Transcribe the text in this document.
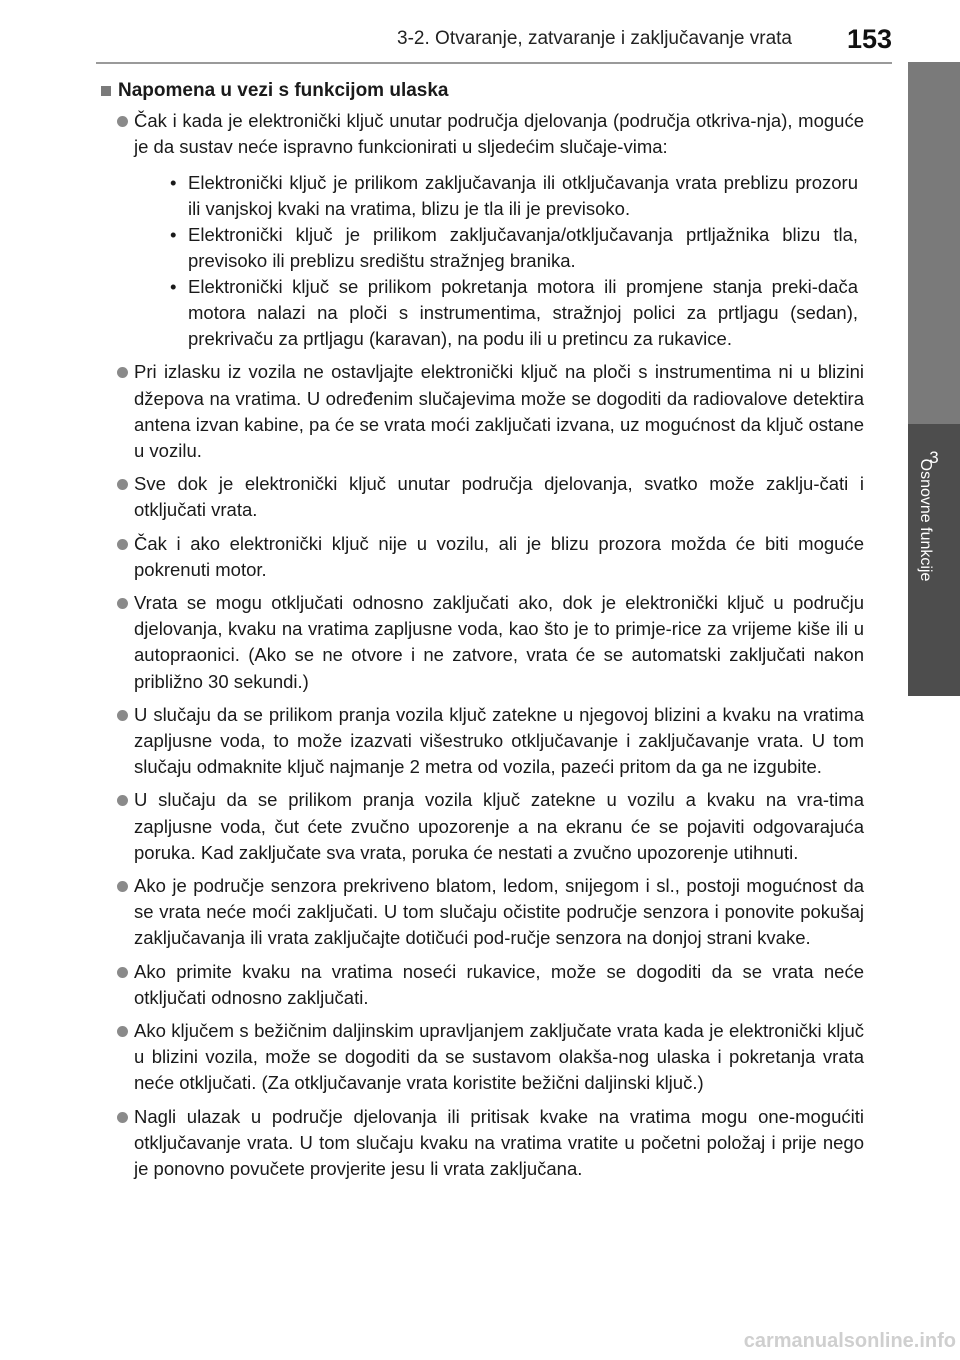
3-2. Otvaranje, zatvaranje i zaključavanje vrata	153
3
Osnovne funkcije
Napomena u vezi s funkcijom ulaska
Čak i kada je elektronički ključ unutar područja djelovanja (područja otkriva-nja), moguće je da sustav neće ispravno funkcionirati u sljedećim slučaje-vima:
• Elektronički ključ je prilikom zaključavanja ili otključavanja vrata preblizu prozoru ili vanjskoj kvaki na vratima, blizu je tla ili je previsoko.
• Elektronički ključ je prilikom zaključavanja/otključavanja prtljažnika blizu tla, previsoko ili preblizu središtu stražnjeg branika.
• Elektronički ključ se prilikom pokretanja motora ili promjene stanja preki-dača motora nalazi na ploči s instrumentima, stražnjoj polici za prtljagu (sedan), prekrivaču za prtljagu (karavan), na podu ili u pretincu za rukavice.
Pri izlasku iz vozila ne ostavljajte elektronički ključ na ploči s instrumentima ni u blizini džepova na vratima. U određenim slučajevima može se dogoditi da radiovalove detektira antena izvan kabine, pa će se vrata moći zaključati izvana, uz mogućnost da ključ ostane u vozilu.
Sve dok je elektronički ključ unutar područja djelovanja, svatko može zaklju-čati i otključati vrata.
Čak i ako elektronički ključ nije u vozilu, ali je blizu prozora možda će biti moguće pokrenuti motor.
Vrata se mogu otključati odnosno zaključati ako, dok je elektronički ključ u području djelovanja, kvaku na vratima zapljusne voda, kao što je to primje-rice za vrijeme kiše ili u autopraonici. (Ako se ne otvore i ne zatvore, vrata će se automatski zaključati nakon približno 30 sekundi.)
U slučaju da se prilikom pranja vozila ključ zatekne u njegovoj blizini a kvaku na vratima zapljusne voda, to može izazvati višestruko otključavanje i zaključavanje vrata. U tom slučaju odmaknite ključ najmanje 2 metra od vozila, pazeći pritom da ga ne izgubite.
U slučaju da se prilikom pranja vozila ključ zatekne u vozilu a kvaku na vra-tima zapljusne voda, čut ćete zvučno upozorenje a na ekranu će se pojaviti odgovarajuća poruka. Kad zaključate sva vrata, poruka će nestati a zvučno upozorenje utihnuti.
Ako je područje senzora prekriveno blatom, ledom, snijegom i sl., postoji mogućnost da se vrata neće moći zaključati. U tom slučaju očistite područje senzora i ponovite pokušaj zaključavanja ili vrata zaključajte dotičući pod-ručje senzora na donjoj strani kvake.
Ako primite kvaku na vratima noseći rukavice, može se dogoditi da se vrata neće otključati odnosno zaključati.
Ako ključem s bežičnim daljinskim upravljanjem zaključate vrata kada je elektronički ključ u blizini vozila, može se dogoditi da se sustavom olakša-nog ulaska i pokretanja vrata neće otključati. (Za otključavanje vrata koristite bežični daljinski ključ.)
Nagli ulazak u područje djelovanja ili pritisak kvake na vratima mogu one-mogućiti otključavanje vrata. U tom slučaju kvaku na vratima vratite u početni položaj i prije nego je ponovno povučete provjerite jesu li vrata zaključana.
carmanualsonline.info
